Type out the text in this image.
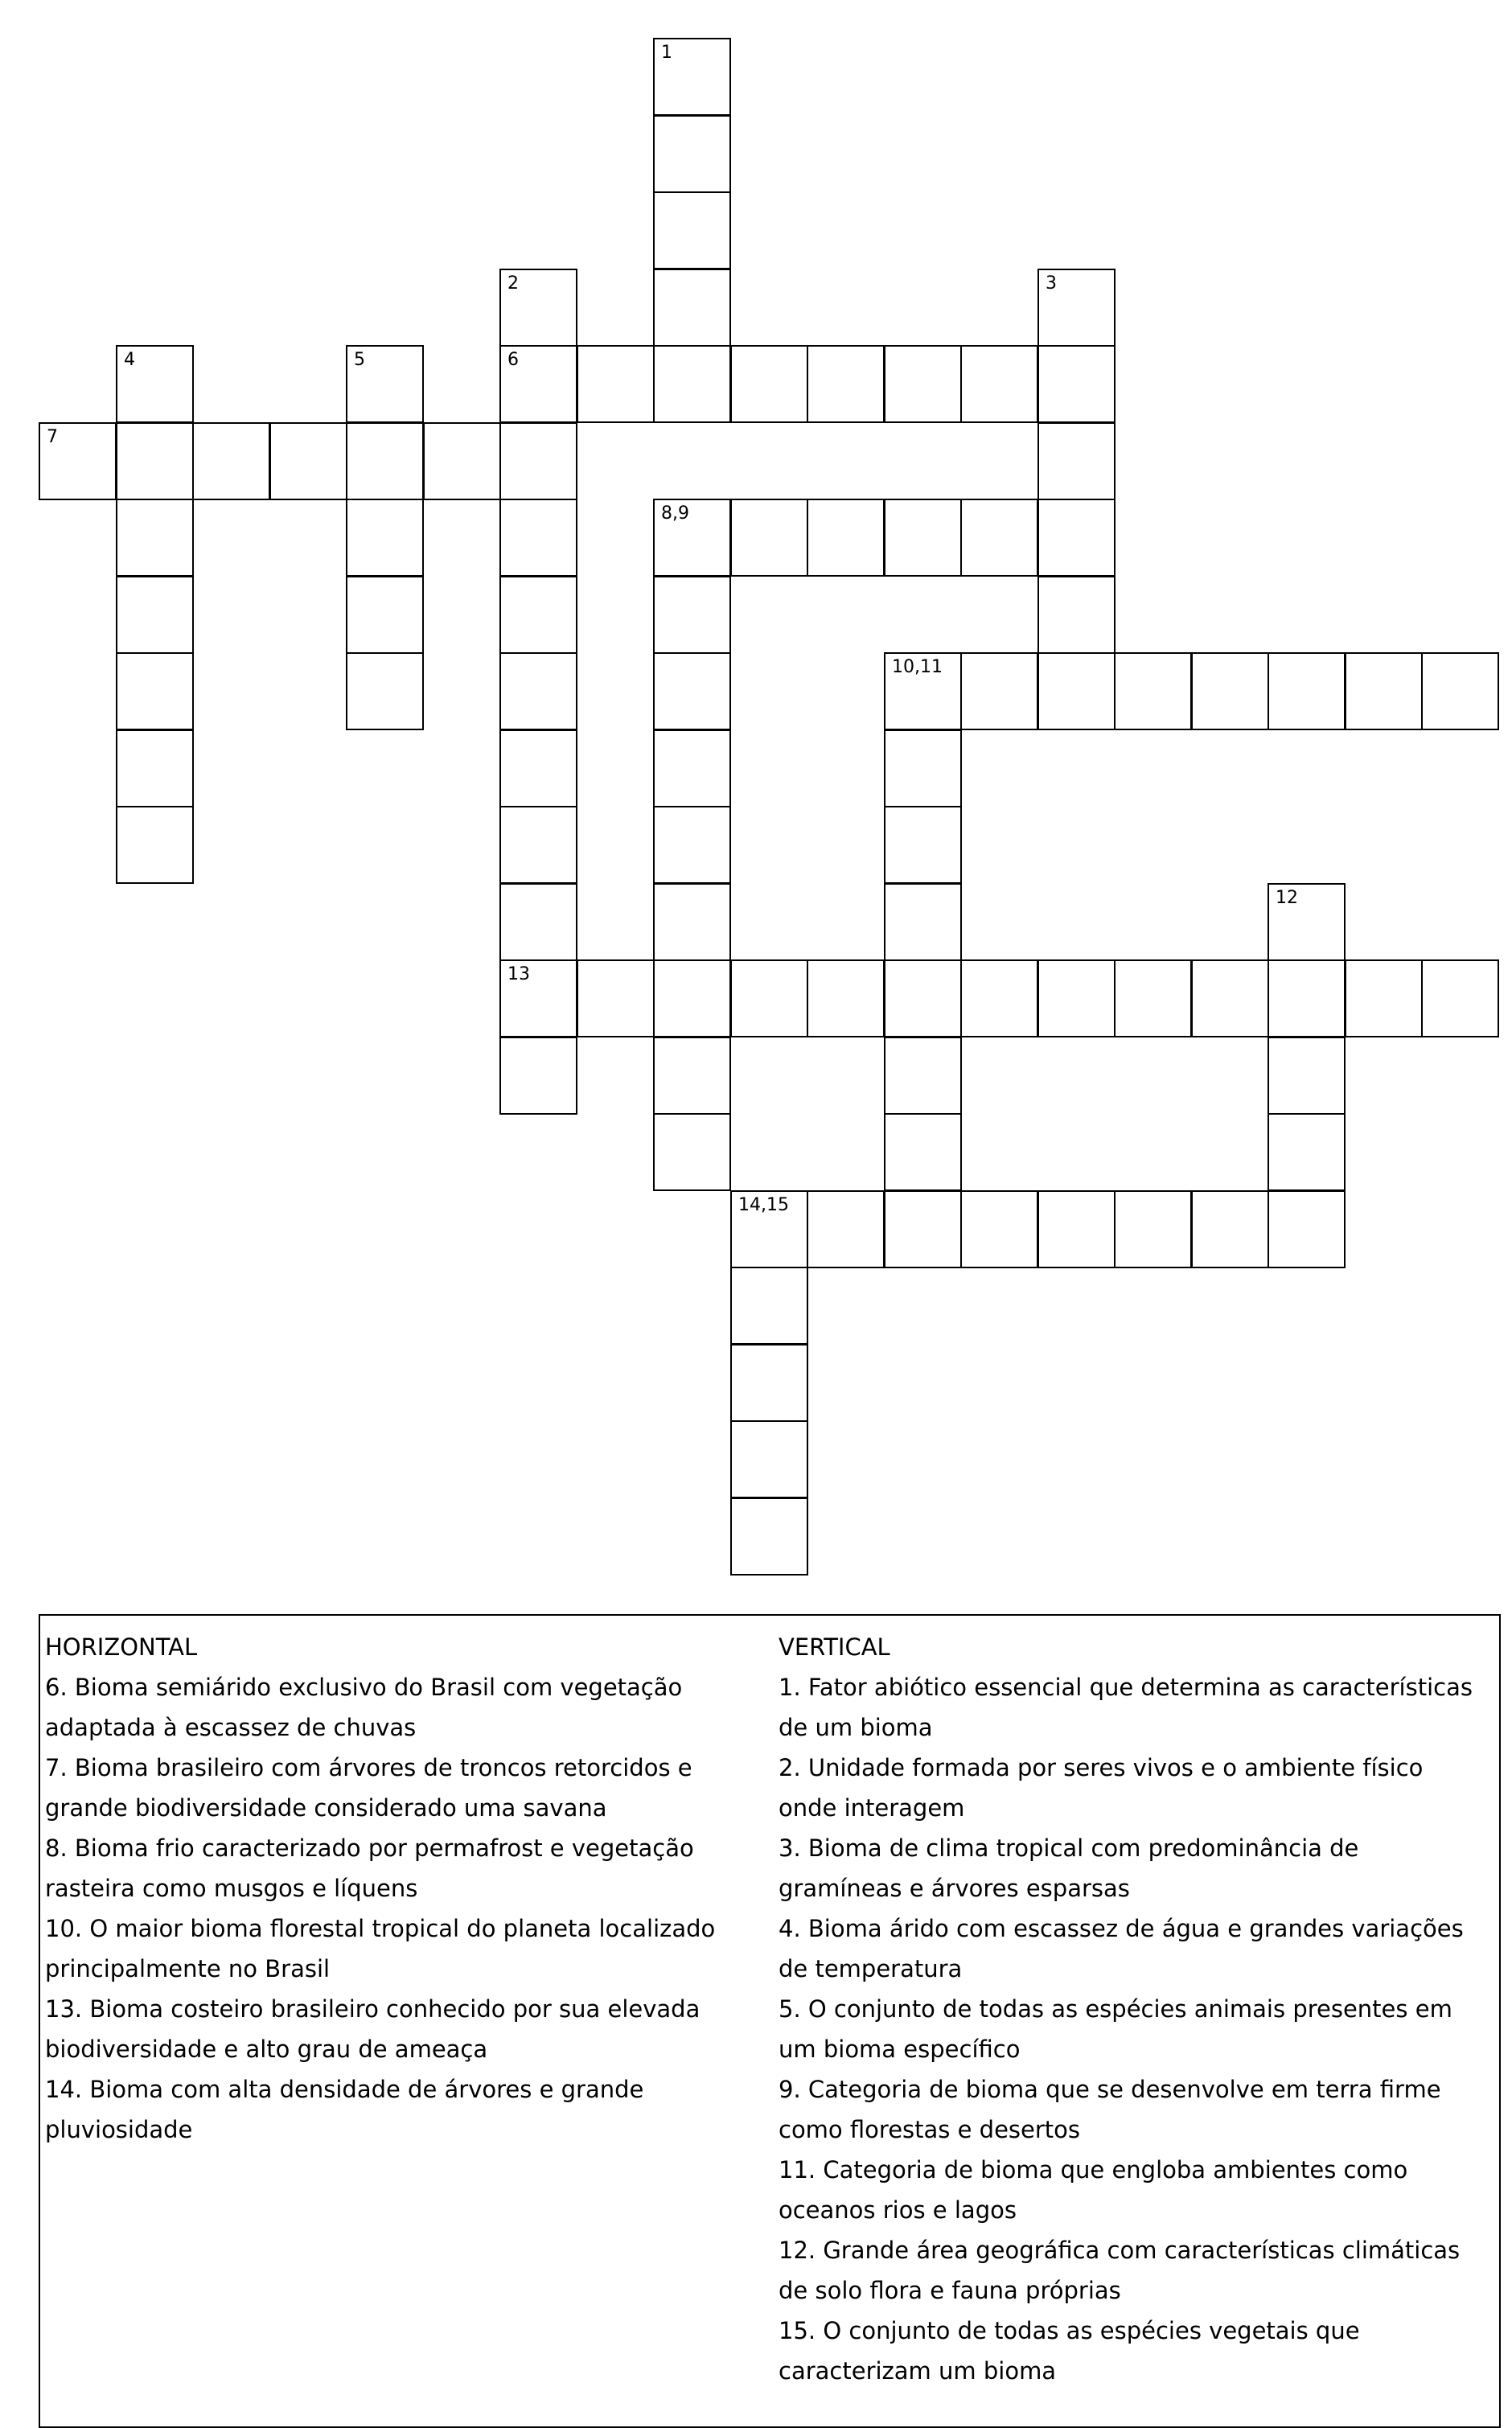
1
2	3
4	5	6
7
8,9
10,11
12
13
14,15

HORIZONTAL

6. Bioma semiárido exclusivo do Brasil com vegetação adaptada à escassez de chuvas

7. Bioma brasileiro com árvores de troncos retorcidos e grande biodiversidade considerado uma savana

8. Bioma frio caracterizado por permafrost e vegetação rasteira como musgos e líquens

10. O maior bioma florestal tropical do planeta localizado principalmente no Brasil

13. Bioma costeiro brasileiro conhecido por sua elevada biodiversidade e alto grau de ameaça

14. Bioma com alta densidade de árvores e grande pluviosidade

VERTICAL

1. Fator abiótico essencial que determina as características de um bioma

2. Unidade formada por seres vivos e o ambiente físico onde interagem

3. Bioma de clima tropical com predominância de gramíneas e árvores esparsas

4. Bioma árido com escassez de água e grandes variações de temperatura

5. O conjunto de todas as espécies animais presentes em um bioma específico

9. Categoria de bioma que se desenvolve em terra firme como florestas e desertos

11. Categoria de bioma que engloba ambientes como oceanos rios e lagos

12. Grande área geográfica com características climáticas de solo flora e fauna próprias

15. O conjunto de todas as espécies vegetais que caracterizam um bioma
